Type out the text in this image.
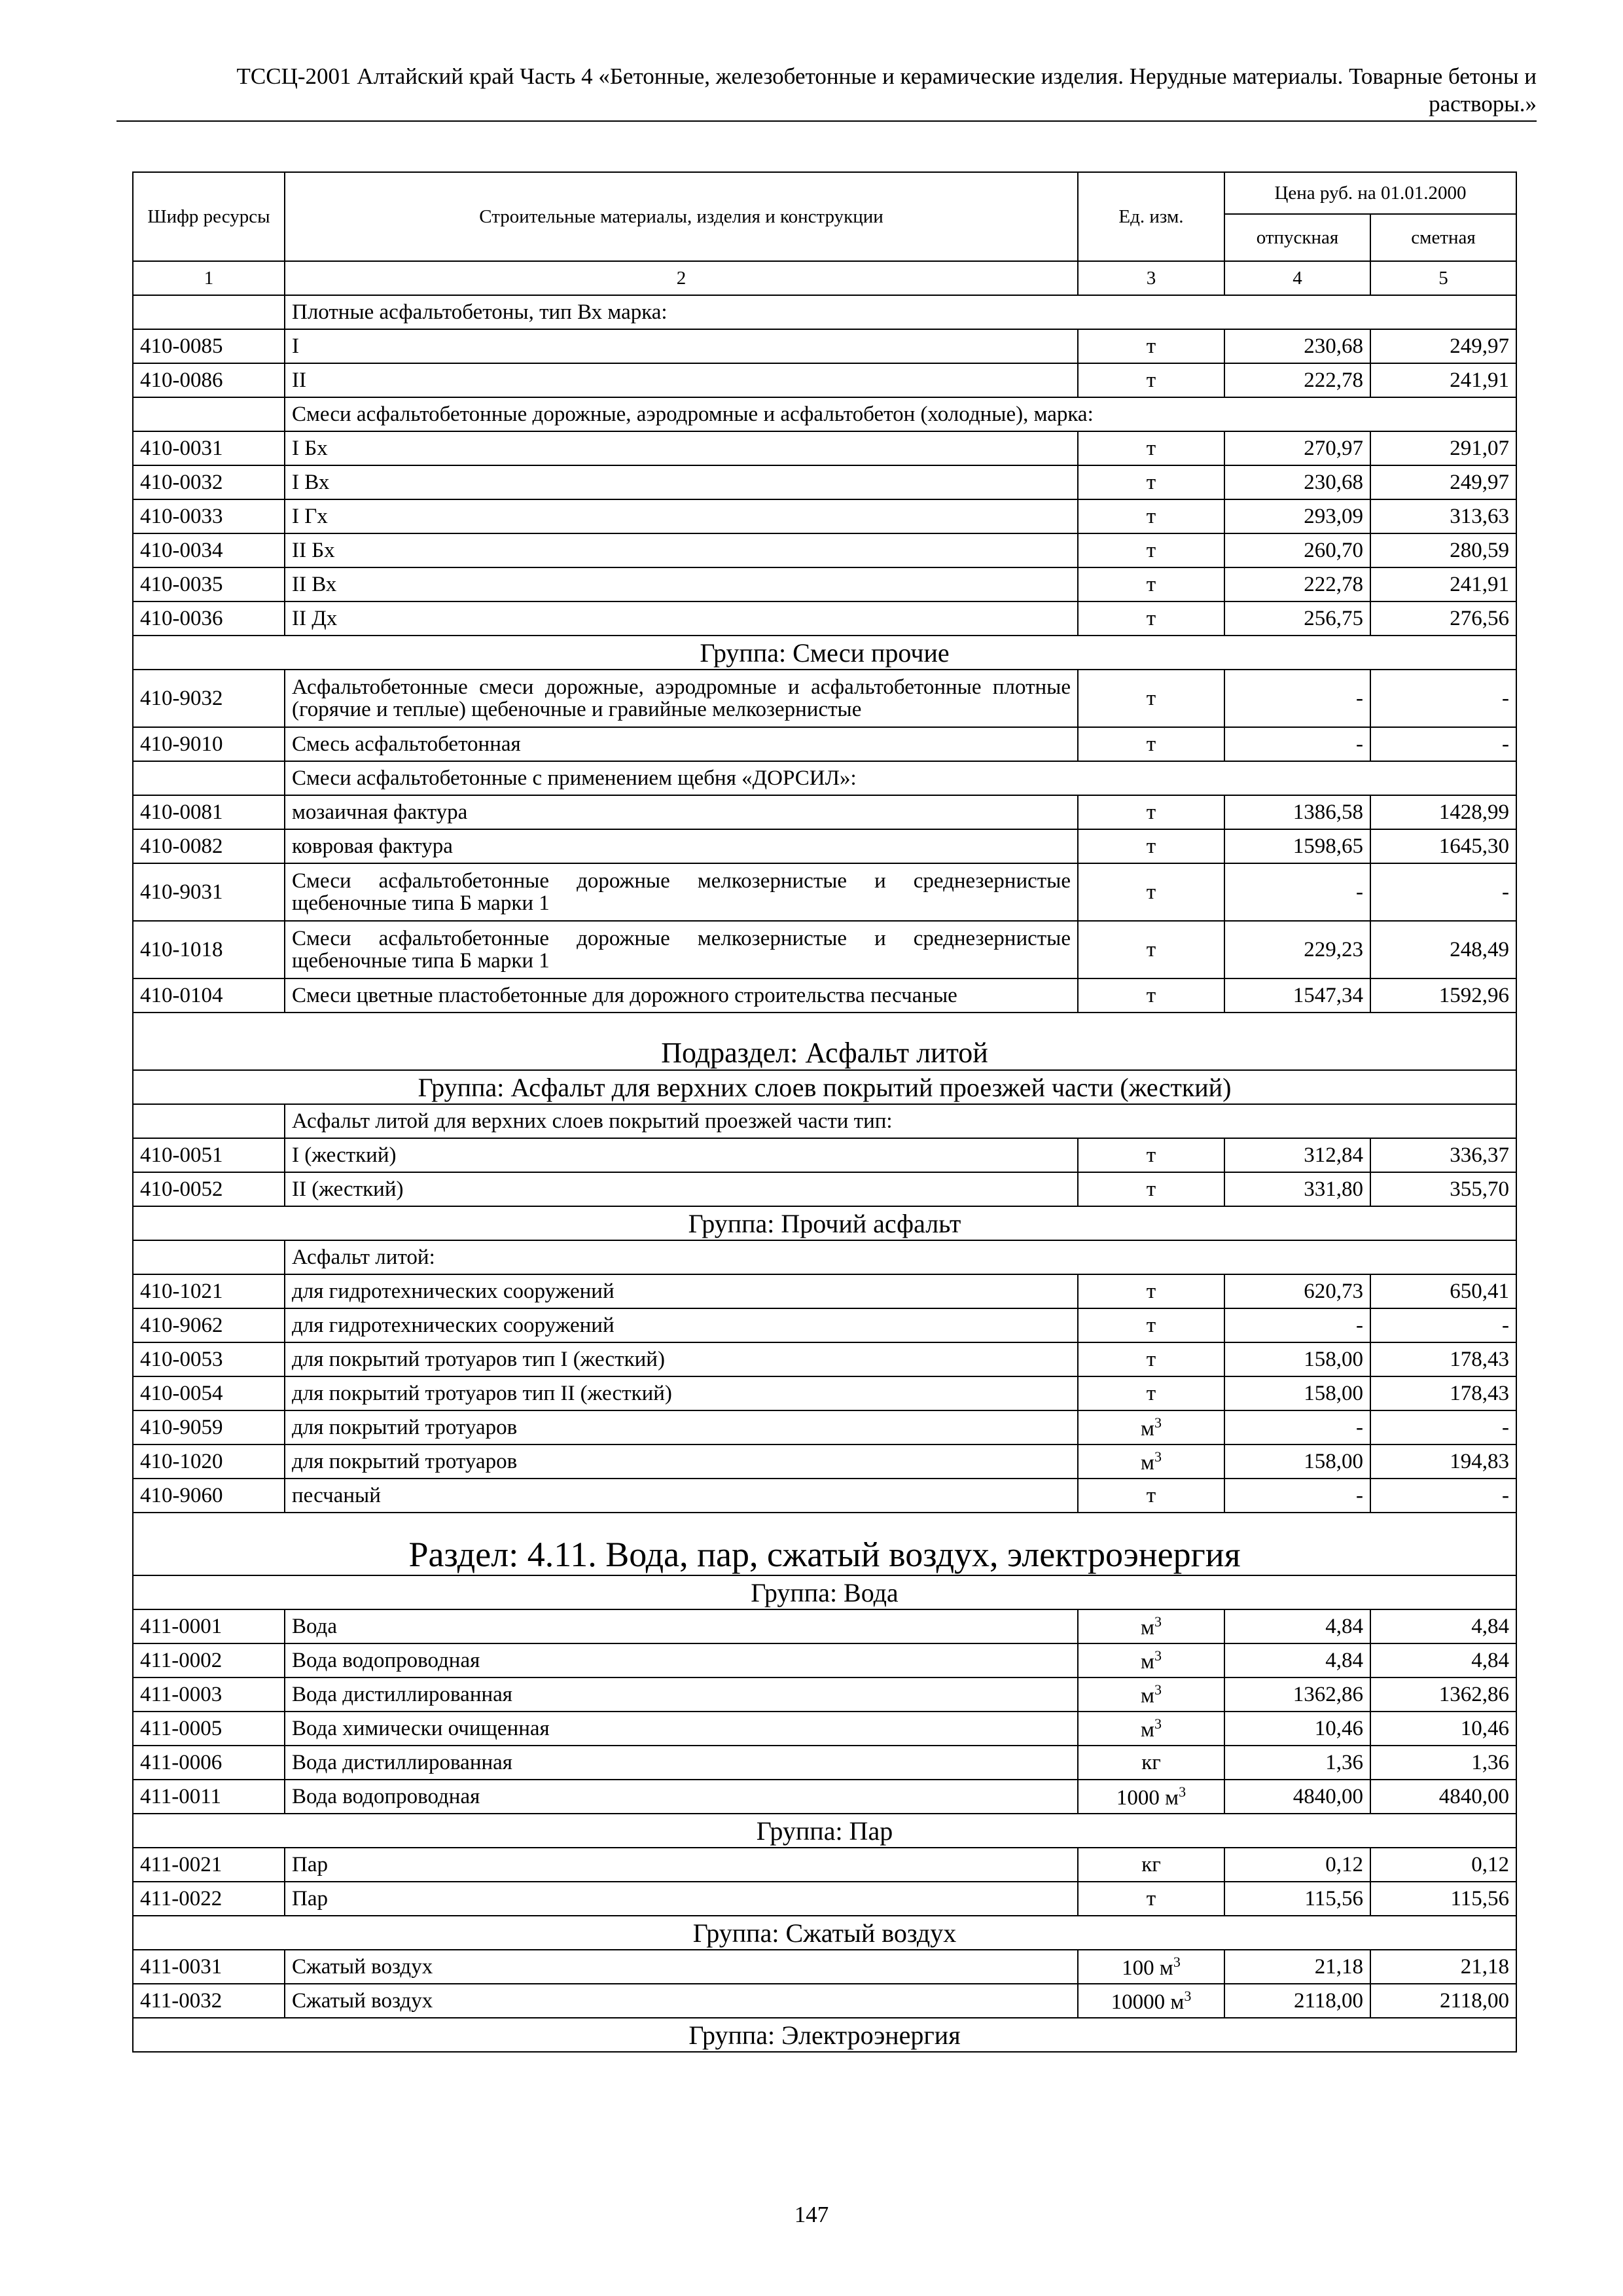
ТССЦ-2001 Алтайский край Часть 4 «Бетонные, железобетонные и керамические изделия. Нерудные материалы. Товарные бетоны и
растворы.»
Шифр ресурсы	Строительные материалы, изделия и конструкции	Ед. изм.	Цена руб. на 01.01.2000	
			отпускная	сметная
1	2	3	4	5
	Плотные асфальтобетоны, тип Вх марка:			
410-0085	I	т	230,68	249,97
410-0086	II	т	222,78	241,91
	Смеси асфальтобетонные дорожные, аэродромные и асфальтобетон (холодные), марка:			
410-0031	I Бх	т	270,97	291,07
410-0032	I Вх	т	230,68	249,97
410-0033	I Гх	т	293,09	313,63
410-0034	II Бх	т	260,70	280,59
410-0035	II Вх	т	222,78	241,91
410-0036	II Дх	т	256,75	276,56
Группа: Смеси прочие				
410-9032	Асфальтобетонные смеси дорожные, аэродромные и асфальтобетонные плотные (горячие и теплые) щебеночные и гравийные мелкозернистые	т	-	-
410-9010	Смесь асфальтобетонная	т	-	-
	Смеси асфальтобетонные с применением щебня «ДОРСИЛ»:			
410-0081	мозаичная фактура	т	1386,58	1428,99
410-0082	ковровая фактура	т	1598,65	1645,30
410-9031	Смеси асфальтобетонные дорожные мелкозернистые и среднезернистые щебеночные типа Б марки 1	т	-	-
410-1018	Смеси асфальтобетонные дорожные мелкозернистые и среднезернистые щебеночные типа Б марки 1	т	229,23	248,49
410-0104	Смеси цветные пластобетонные для дорожного строительства песчаные	т	1547,34	1592,96
Подраздел: Асфальт литой				
Группа: Асфальт для верхних слоев покрытий проезжей части (жесткий)				
	Асфальт литой для верхних слоев покрытий проезжей части тип:			
410-0051	I (жесткий)	т	312,84	336,37
410-0052	II (жесткий)	т	331,80	355,70
Группа: Прочий асфальт				
	Асфальт литой:			
410-1021	для гидротехнических сооружений	т	620,73	650,41
410-9062	для гидротехнических сооружений	т	-	-
410-0053	для покрытий тротуаров тип I (жесткий)	т	158,00	178,43
410-0054	для покрытий тротуаров тип II (жесткий)	т	158,00	178,43
410-9059	для покрытий тротуаров	$м^3$	-	-
410-1020	для покрытий тротуаров	$м^3$	158,00	194,83
410-9060	песчаный	т	-	-
Раздел: 4.11. Вода, пар, сжатый воздух, электроэнергия				
Группа: Вода				
411-0001	Вода	$м^3$	4,84	4,84
411-0002	Вода водопроводная	$м^3$	4,84	4,84
411-0003	Вода дистиллированная	$м^3$	1362,86	1362,86
411-0005	Вода химически очищенная	$м^3$	10,46	10,46
411-0006	Вода дистиллированная	кг	1,36	1,36
411-0011	Вода водопроводная	1000 $м^3$	4840,00	4840,00
Группа: Пар				
411-0021	Пар	кг	0,12	0,12
411-0022	Пар	т	115,56	115,56
Группа: Сжатый воздух				
411-0031	Сжатый воздух	100 $м^3$	21,18	21,18
411-0032	Сжатый воздух	10000 $м^3$	2118,00	2118,00
Группа: Электроэнергия				
147
